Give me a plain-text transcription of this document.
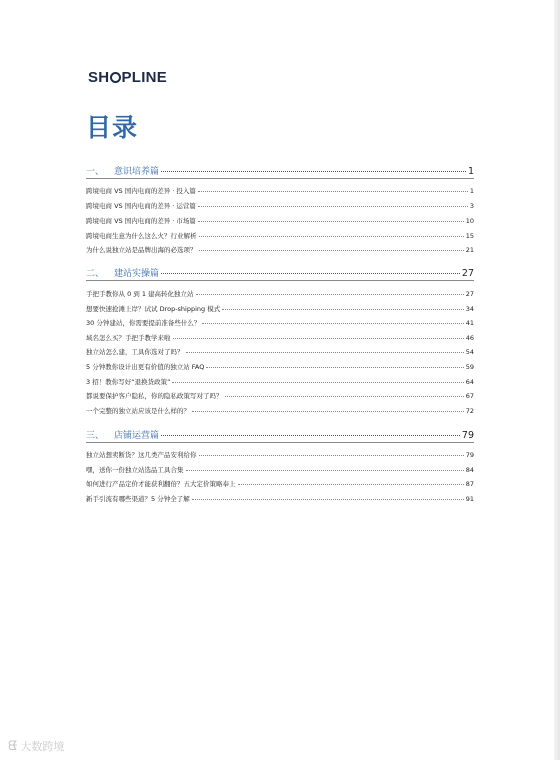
SH PLINE
目录
一、 意识培养篇	1
跨境电商 VS 国内电商的差异 · 投入篇	1
跨境电商 VS 国内电商的差异 · 运营篇	3
跨境电商 VS 国内电商的差异 · 市场篇	10
跨境电商生意为什么这么火？行业解析	15
为什么说独立站是品牌出海的必选项？	21
二、 建站实操篇	27
手把手教你从 0 到 1 建高转化独立站	27
想要快速抢滩上岸？试试 Drop-shipping 模式	34
30 分钟建站，你需要提前准备些什么？	41
域名怎么买？手把手教学来啦	46
独立站怎么建，工具你选对了吗？	54
5 分钟教你设计出更有价值的独立站 FAQ	59
3 招！教你写好“退换货政策”	64
都说要保护客户隐私，你的隐私政策写对了吗？	67
一个完整的独立站应该是什么样的？	72
三、 店铺运营篇	79
独立站想卖断货？这几类产品安利给你	79
嘿，送你一份独立站选品工具合集	84
如何进行产品定价才能获利翻倍？五大定价策略奉上	87
新手引流有哪些渠道？5 分钟全了解	91
ᘀ 大数跨境
